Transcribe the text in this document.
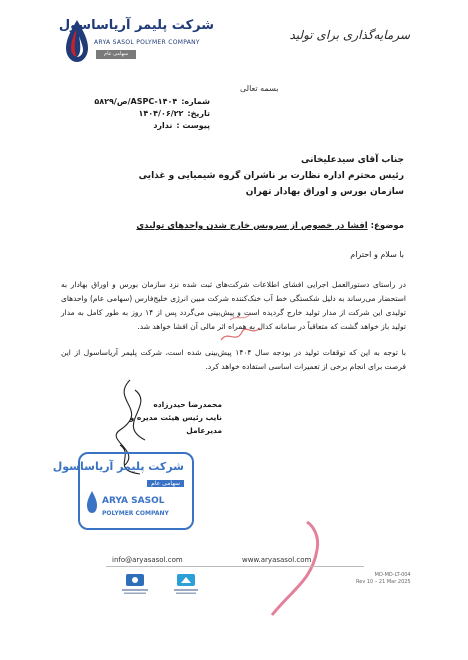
شرکت پلیمر آریاساسول
ARYA SASOL POLYMER COMPANY
سهامی عام
سرمایه‌گذاری برای تولید
بسمه تعالی
شماره:
ASPC-۱۴۰۴/ص/۵۸۲۹
تاریخ:
۱۴۰۴/۰۶/۲۲
پیوست :
ندارد
جناب آقای سیدعلیخانی
رئیس محترم اداره نظارت بر ناشران گروه شیمیایی و غذایی
سازمان بورس و اوراق بهادار تهران
موضوع: افشا در خصوص از سرویس خارج شدن واحدهای تولیدی
با سلام و احترام

در راستای دستورالعمل اجرایی افشای اطلاعات شرکت‌های ثبت شده نزد سازمان بورس و اوراق بهادار به استحضار می‌رساند به دلیل شکستگی خط آب خنک‌کننده شرکت مبین انرژی خلیج‌فارس (سهامی عام) واحدهای تولیدی این شرکت از مدار تولید خارج گردیده است و پیش‌بینی می‌گردد پس از ۱۴ روز به طور کامل به مدار تولید باز خواهد گشت که متعاقباً در سامانه کدال به همراه اثر مالی آن افشا خواهد شد.

با توجه به این که توقفات تولید در بودجه سال ۱۴۰۴ پیش‌بینی شده است، شرکت پلیمر آریاساسول از این فرصت برای انجام برخی از تعمیرات اساسی استفاده خواهد کرد.

محمدرضا حیدرزاده
نایب رئیس هیئت مدیره و مدیرعامل
شرکت پلیمر آریاساسول
سهامی عام
ARYA SASOL
POLYMER COMPANY
info@aryasasol.com	www.aryasasol.com
MD-MD-LT-004
Rev 10 – 21 Mar 2025
